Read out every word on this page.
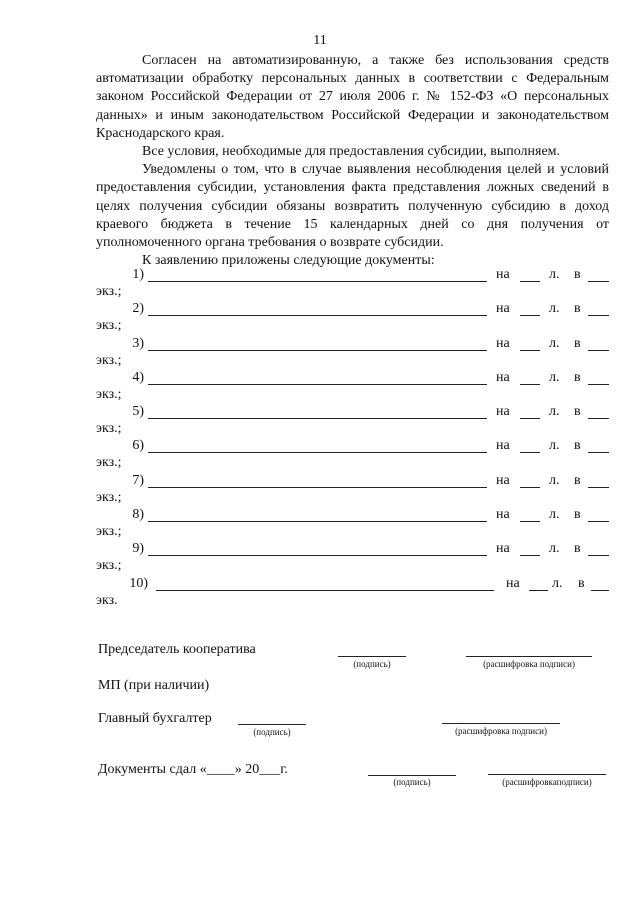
11

Согласен на автоматизированную, а также без использования средств автоматизации обработку персональных данных в соответствии с Федеральным законом Российской Федерации от 27 июля 2006 г. № 152-ФЗ «О персональных данных» и иным законодательством Российской Федерации и законодательством Краснодарского края.

Все условия, необходимые для предоставления субсидии, выполняем.

Уведомлены о том, что в случае выявления несоблюдения целей и условий предоставления субсидии, установления факта представления ложных сведений в целях получения субсидии обязаны возвратить полученную субсидию в доход краевого бюджета в течение 15 календарных дней со дня получения от уполномоченного органа требования о возврате субсидии.

К заявлению приложены следующие документы:

1)	на	л. в
экз.;
2)	на	л. в
экз.;
3)	на	л. в
экз.;
4)	на	л. в
экз.;
5)	на	л. в
экз.;
6)	на	л. в
экз.;
7)	на	л. в
экз.;
8)	на	л. в
экз.;
9)	на	л. в
экз.;
10)	на л. в
экз.
Председатель кооператива
(подпись)	(расшифровка подписи)
МП (при наличии)
Главный бухгалтер
(подпись)	(расшифровка подписи)
Документы сдал «____» 20___г.
(подпись)	(расшифровкаподписи)
